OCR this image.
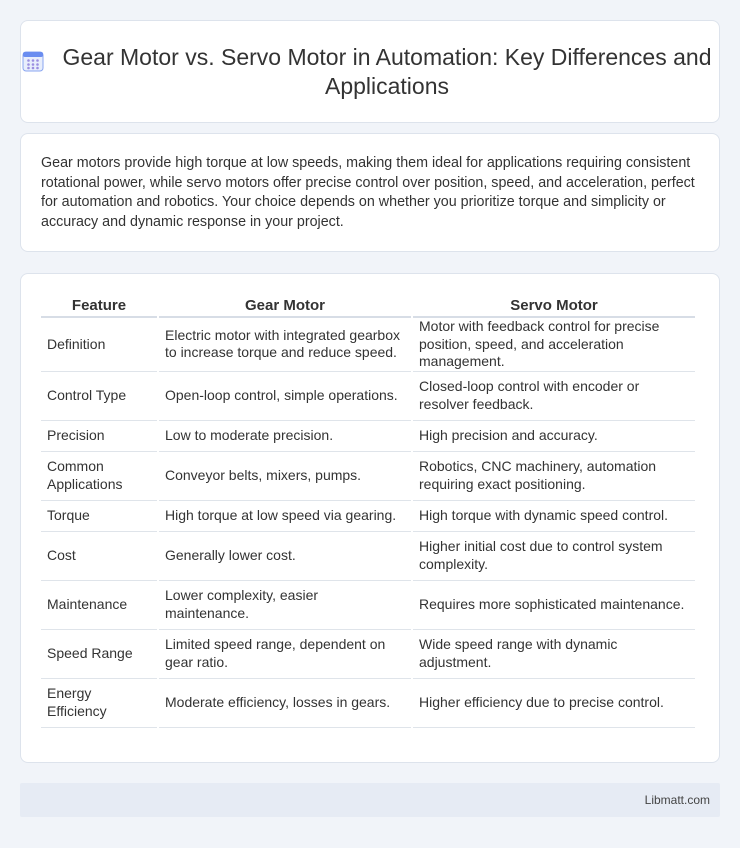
Gear Motor vs. Servo Motor in Automation: Key Differences and Applications

Gear motors provide high torque at low speeds, making them ideal for applications requiring consistent rotational power, while servo motors offer precise control over position, speed, and acceleration, perfect for automation and robotics. Your choice depends on whether you prioritize torque and simplicity or accuracy and dynamic response in your project.

Feature	Gear Motor	Servo Motor
Definition	Electric motor with integrated gearbox to increase torque and reduce speed.	Motor with feedback control for precise position, speed, and acceleration management.
Control Type	Open-loop control, simple operations.	Closed-loop control with encoder or resolver feedback.
Precision	Low to moderate precision.	High precision and accuracy.
Common Applications	Conveyor belts, mixers, pumps.	Robotics, CNC machinery, automation requiring exact positioning.
Torque	High torque at low speed via gearing.	High torque with dynamic speed control.
Cost	Generally lower cost.	Higher initial cost due to control system complexity.
Maintenance	Lower complexity, easier maintenance.	Requires more sophisticated maintenance.
Speed Range	Limited speed range, dependent on gear ratio.	Wide speed range with dynamic adjustment.
Energy Efficiency	Moderate efficiency, losses in gears.	Higher efficiency due to precise control.
Libmatt.com
